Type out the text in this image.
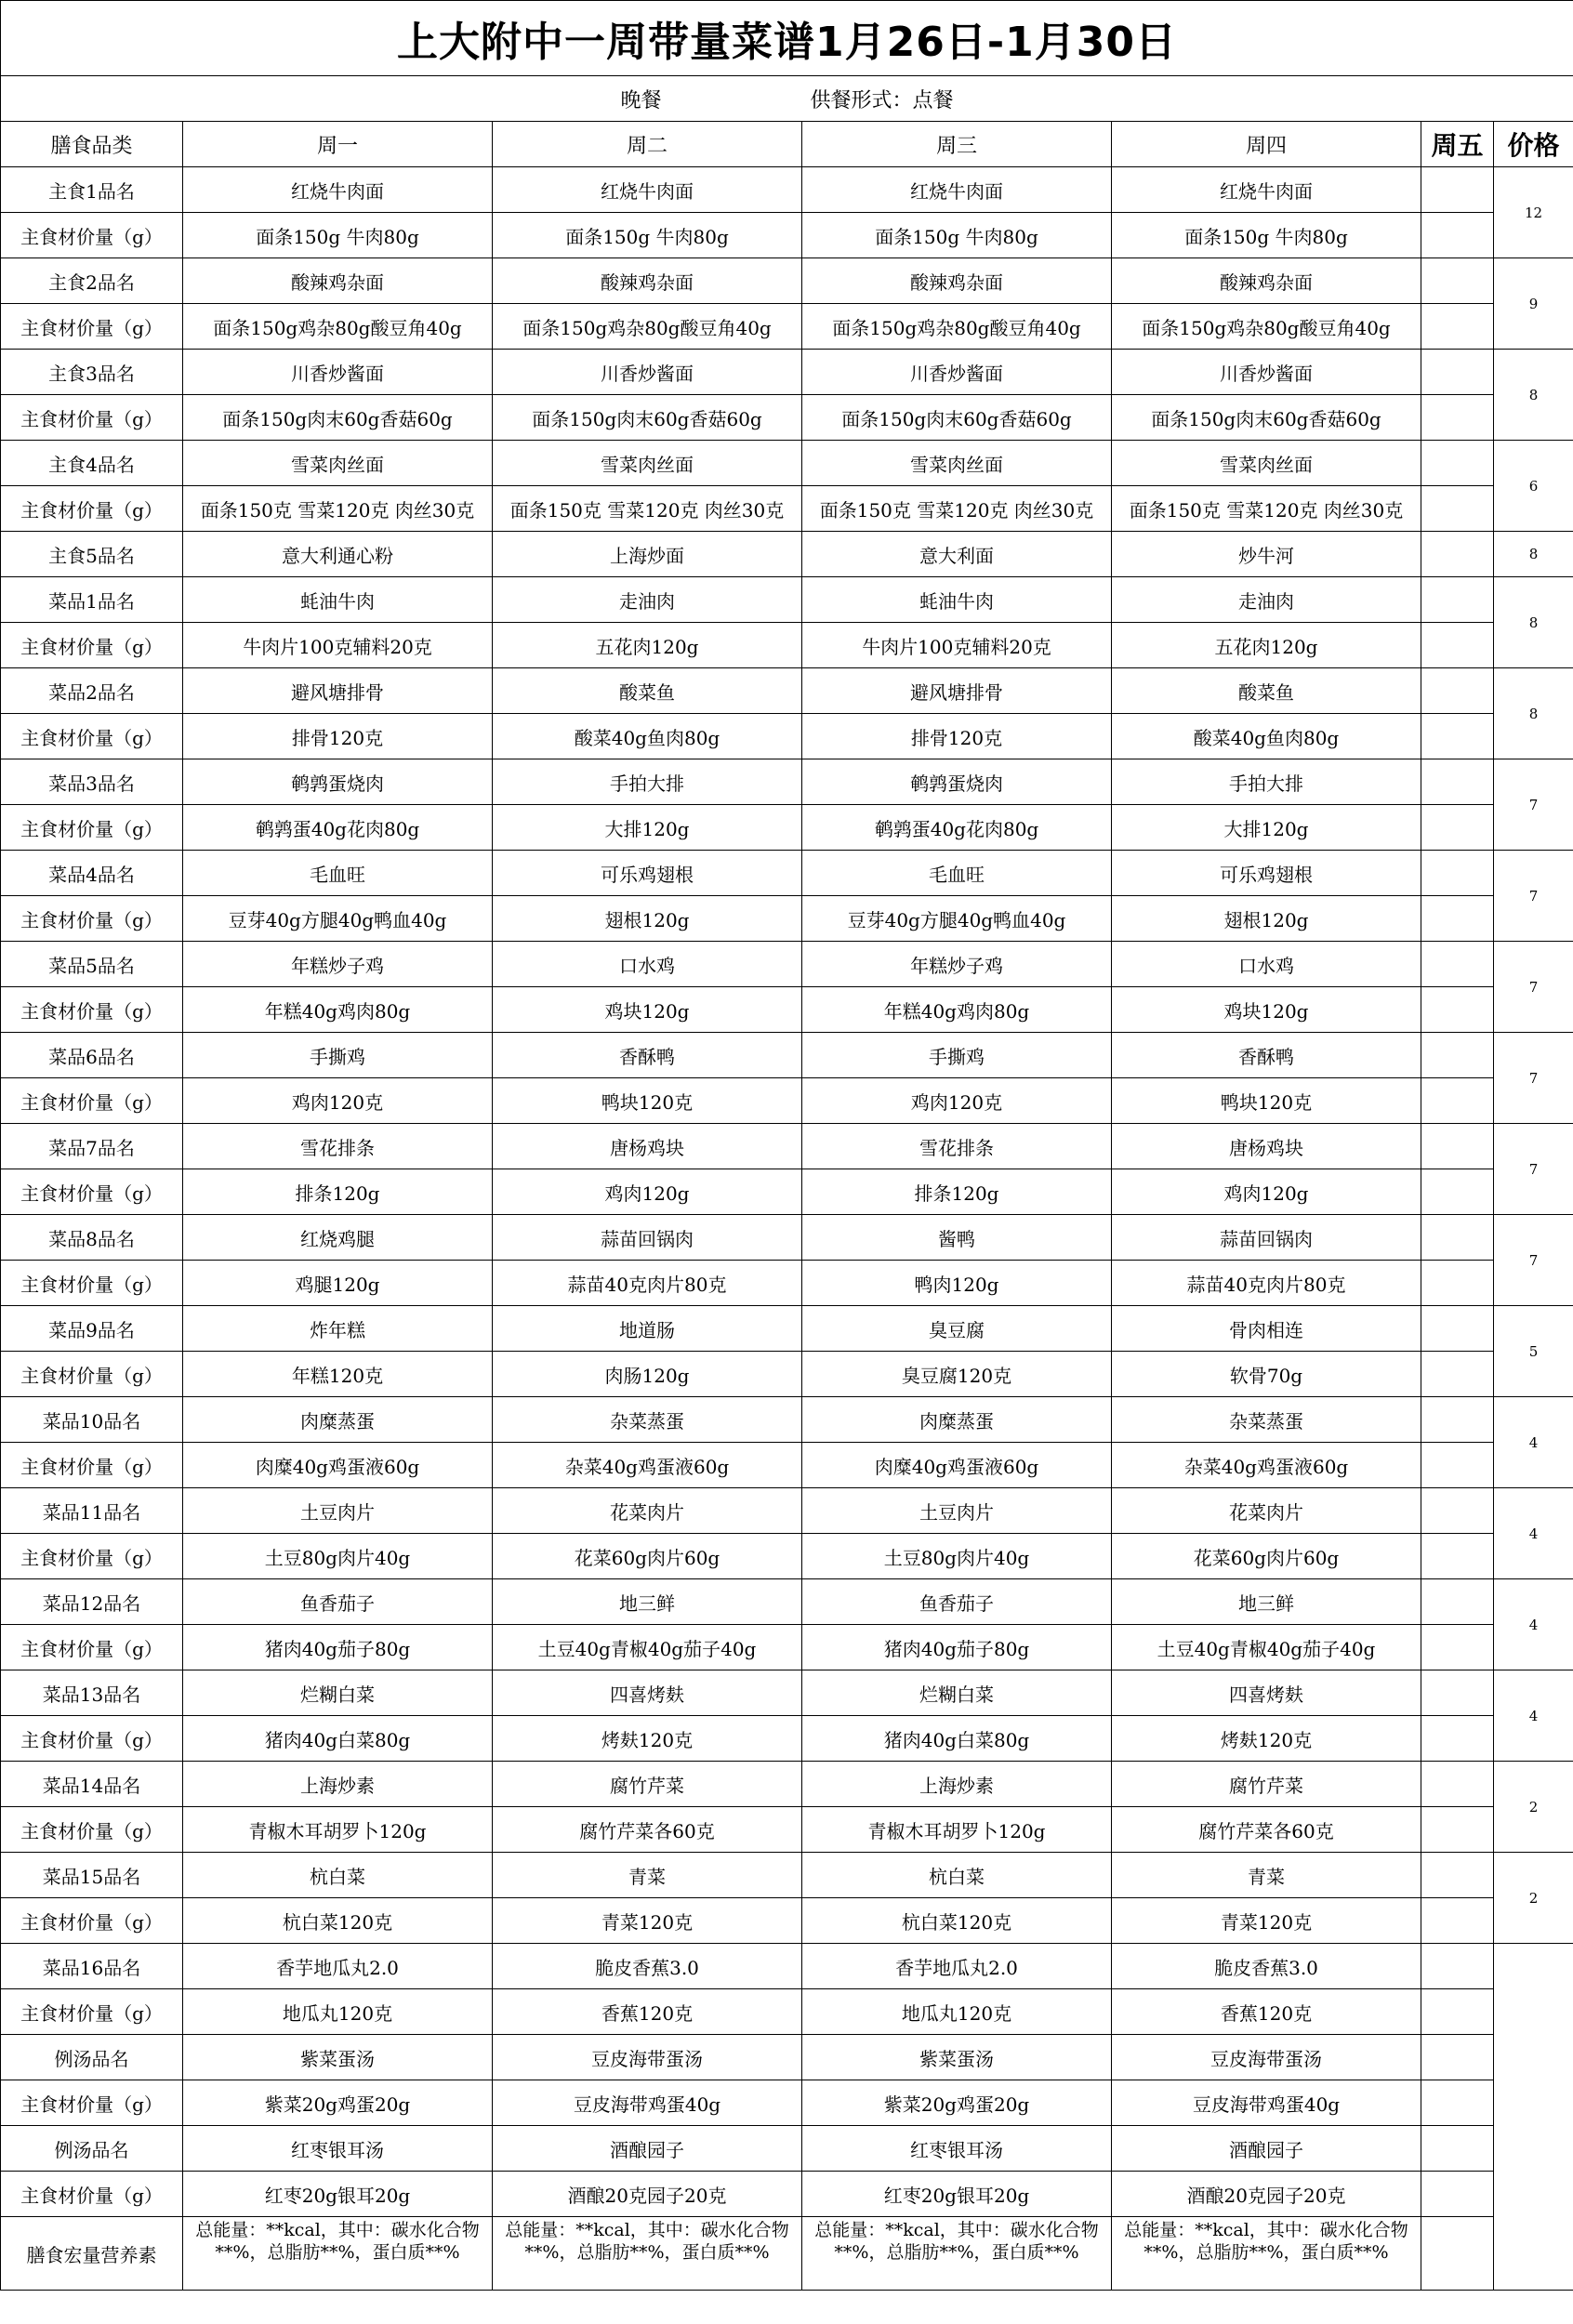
上大附中一周带量菜谱1月26日-1月30日						
晚餐 供餐形式：点餐						
膳食品类	周一	周二	周三	周四	周五	价格
主食1品名	红烧牛肉面	红烧牛肉面	红烧牛肉面	红烧牛肉面		12
主食材价量（g）	面条150g 牛肉80g	面条150g 牛肉80g	面条150g 牛肉80g	面条150g 牛肉80g		
主食2品名	酸辣鸡杂面	酸辣鸡杂面	酸辣鸡杂面	酸辣鸡杂面		9
主食材价量（g）	面条150g鸡杂80g酸豆角40g	面条150g鸡杂80g酸豆角40g	面条150g鸡杂80g酸豆角40g	面条150g鸡杂80g酸豆角40g		
主食3品名	川香炒酱面	川香炒酱面	川香炒酱面	川香炒酱面		8
主食材价量（g）	面条150g肉末60g香菇60g	面条150g肉末60g香菇60g	面条150g肉末60g香菇60g	面条150g肉末60g香菇60g		
主食4品名	雪菜肉丝面	雪菜肉丝面	雪菜肉丝面	雪菜肉丝面		6
主食材价量（g）	面条150克 雪菜120克 肉丝30克	面条150克 雪菜120克 肉丝30克	面条150克 雪菜120克 肉丝30克	面条150克 雪菜120克 肉丝30克		
主食5品名	意大利通心粉	上海炒面	意大利面	炒牛河		8
菜品1品名	蚝油牛肉	走油肉	蚝油牛肉	走油肉		8
主食材价量（g）	牛肉片100克辅料20克	五花肉120g	牛肉片100克辅料20克	五花肉120g		
菜品2品名	避风塘排骨	酸菜鱼	避风塘排骨	酸菜鱼		8
主食材价量（g）	排骨120克	酸菜40g鱼肉80g	排骨120克	酸菜40g鱼肉80g		
菜品3品名	鹌鹑蛋烧肉	手拍大排	鹌鹑蛋烧肉	手拍大排		7
主食材价量（g）	鹌鹑蛋40g花肉80g	大排120g	鹌鹑蛋40g花肉80g	大排120g		
菜品4品名	毛血旺	可乐鸡翅根	毛血旺	可乐鸡翅根		7
主食材价量（g）	豆芽40g方腿40g鸭血40g	翅根120g	豆芽40g方腿40g鸭血40g	翅根120g		
菜品5品名	年糕炒子鸡	口水鸡	年糕炒子鸡	口水鸡		7
主食材价量（g）	年糕40g鸡肉80g	鸡块120g	年糕40g鸡肉80g	鸡块120g		
菜品6品名	手撕鸡	香酥鸭	手撕鸡	香酥鸭		7
主食材价量（g）	鸡肉120克	鸭块120克	鸡肉120克	鸭块120克		
菜品7品名	雪花排条	唐杨鸡块	雪花排条	唐杨鸡块		7
主食材价量（g）	排条120g	鸡肉120g	排条120g	鸡肉120g		
菜品8品名	红烧鸡腿	蒜苗回锅肉	酱鸭	蒜苗回锅肉		7
主食材价量（g）	鸡腿120g	蒜苗40克肉片80克	鸭肉120g	蒜苗40克肉片80克		
菜品9品名	炸年糕	地道肠	臭豆腐	骨肉相连		5
主食材价量（g）	年糕120克	肉肠120g	臭豆腐120克	软骨70g		
菜品10品名	肉糜蒸蛋	杂菜蒸蛋	肉糜蒸蛋	杂菜蒸蛋		4
主食材价量（g）	肉糜40g鸡蛋液60g	杂菜40g鸡蛋液60g	肉糜40g鸡蛋液60g	杂菜40g鸡蛋液60g		
菜品11品名	土豆肉片	花菜肉片	土豆肉片	花菜肉片		4
主食材价量（g）	土豆80g肉片40g	花菜60g肉片60g	土豆80g肉片40g	花菜60g肉片60g		
菜品12品名	鱼香茄子	地三鲜	鱼香茄子	地三鲜		4
主食材价量（g）	猪肉40g茄子80g	土豆40g青椒40g茄子40g	猪肉40g茄子80g	土豆40g青椒40g茄子40g		
菜品13品名	烂糊白菜	四喜烤麸	烂糊白菜	四喜烤麸		4
主食材价量（g）	猪肉40g白菜80g	烤麸120克	猪肉40g白菜80g	烤麸120克		
菜品14品名	上海炒素	腐竹芹菜	上海炒素	腐竹芹菜		2
主食材价量（g）	青椒木耳胡罗卜120g	腐竹芹菜各60克	青椒木耳胡罗卜120g	腐竹芹菜各60克		
菜品15品名	杭白菜	青菜	杭白菜	青菜		2
主食材价量（g）	杭白菜120克	青菜120克	杭白菜120克	青菜120克		
菜品16品名	香芋地瓜丸2.0	脆皮香蕉3.0	香芋地瓜丸2.0	脆皮香蕉3.0		
主食材价量（g）	地瓜丸120克	香蕉120克	地瓜丸120克	香蕉120克		
例汤品名	紫菜蛋汤	豆皮海带蛋汤	紫菜蛋汤	豆皮海带蛋汤		
主食材价量（g）	紫菜20g鸡蛋20g	豆皮海带鸡蛋40g	紫菜20g鸡蛋20g	豆皮海带鸡蛋40g		
例汤品名	红枣银耳汤	酒酿园子	红枣银耳汤	酒酿园子		
主食材价量（g）	红枣20g银耳20g	酒酿20克园子20克	红枣20g银耳20g	酒酿20克园子20克		
膳食宏量营养素	总能量：**kcal，其中：碳水化合物**%，总脂肪**%，蛋白质**%	总能量：**kcal，其中：碳水化合物**%，总脂肪**%，蛋白质**%	总能量：**kcal，其中：碳水化合物**%，总脂肪**%，蛋白质**%	总能量：**kcal，其中：碳水化合物**%，总脂肪**%，蛋白质**%		
